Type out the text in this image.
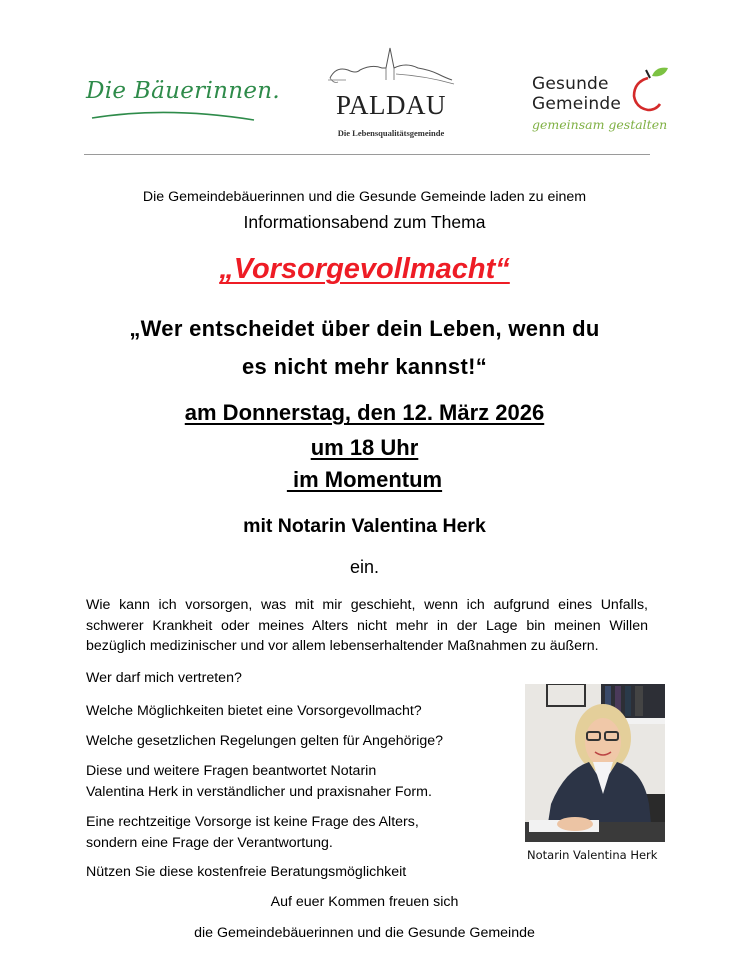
Die Bäuerinnen.	PALDAU
Die Lebensqualitätsgemeinde
Gesunde
Gemeinde
gemeinsam gestalten
Die Gemeindebäuerinnen und die Gesunde Gemeinde laden zu einem
Informationsabend zum Thema
„Vorsorgevollmacht“
„Wer entscheidet über dein Leben, wenn du
es nicht mehr kannst!“
am Donnerstag, den 12. März 2026
um 18 Uhr
im Momentum
mit Notarin Valentina Herk
ein.
Wie kann ich vorsorgen, was mit mir geschieht, wenn ich aufgrund eines Unfalls, schwerer Krankheit oder meines Alters nicht mehr in der Lage bin meinen Willen bezüglich medizinischer und vor allem lebenserhaltender Maßnahmen zu äußern.
Wer darf mich vertreten?
Welche Möglichkeiten bietet eine Vorsorgevollmacht?
Welche gesetzlichen Regelungen gelten für Angehörige?
Diese und weitere Fragen beantwortet Notarin
Valentina Herk in verständlicher und praxisnaher Form.
Eine rechtzeitige Vorsorge ist keine Frage des Alters,
sondern eine Frage der Verantwortung.
Nützen Sie diese kostenfreie Beratungsmöglichkeit
Notarin Valentina Herk
Auf euer Kommen freuen sich
die Gemeindebäuerinnen und die Gesunde Gemeinde
